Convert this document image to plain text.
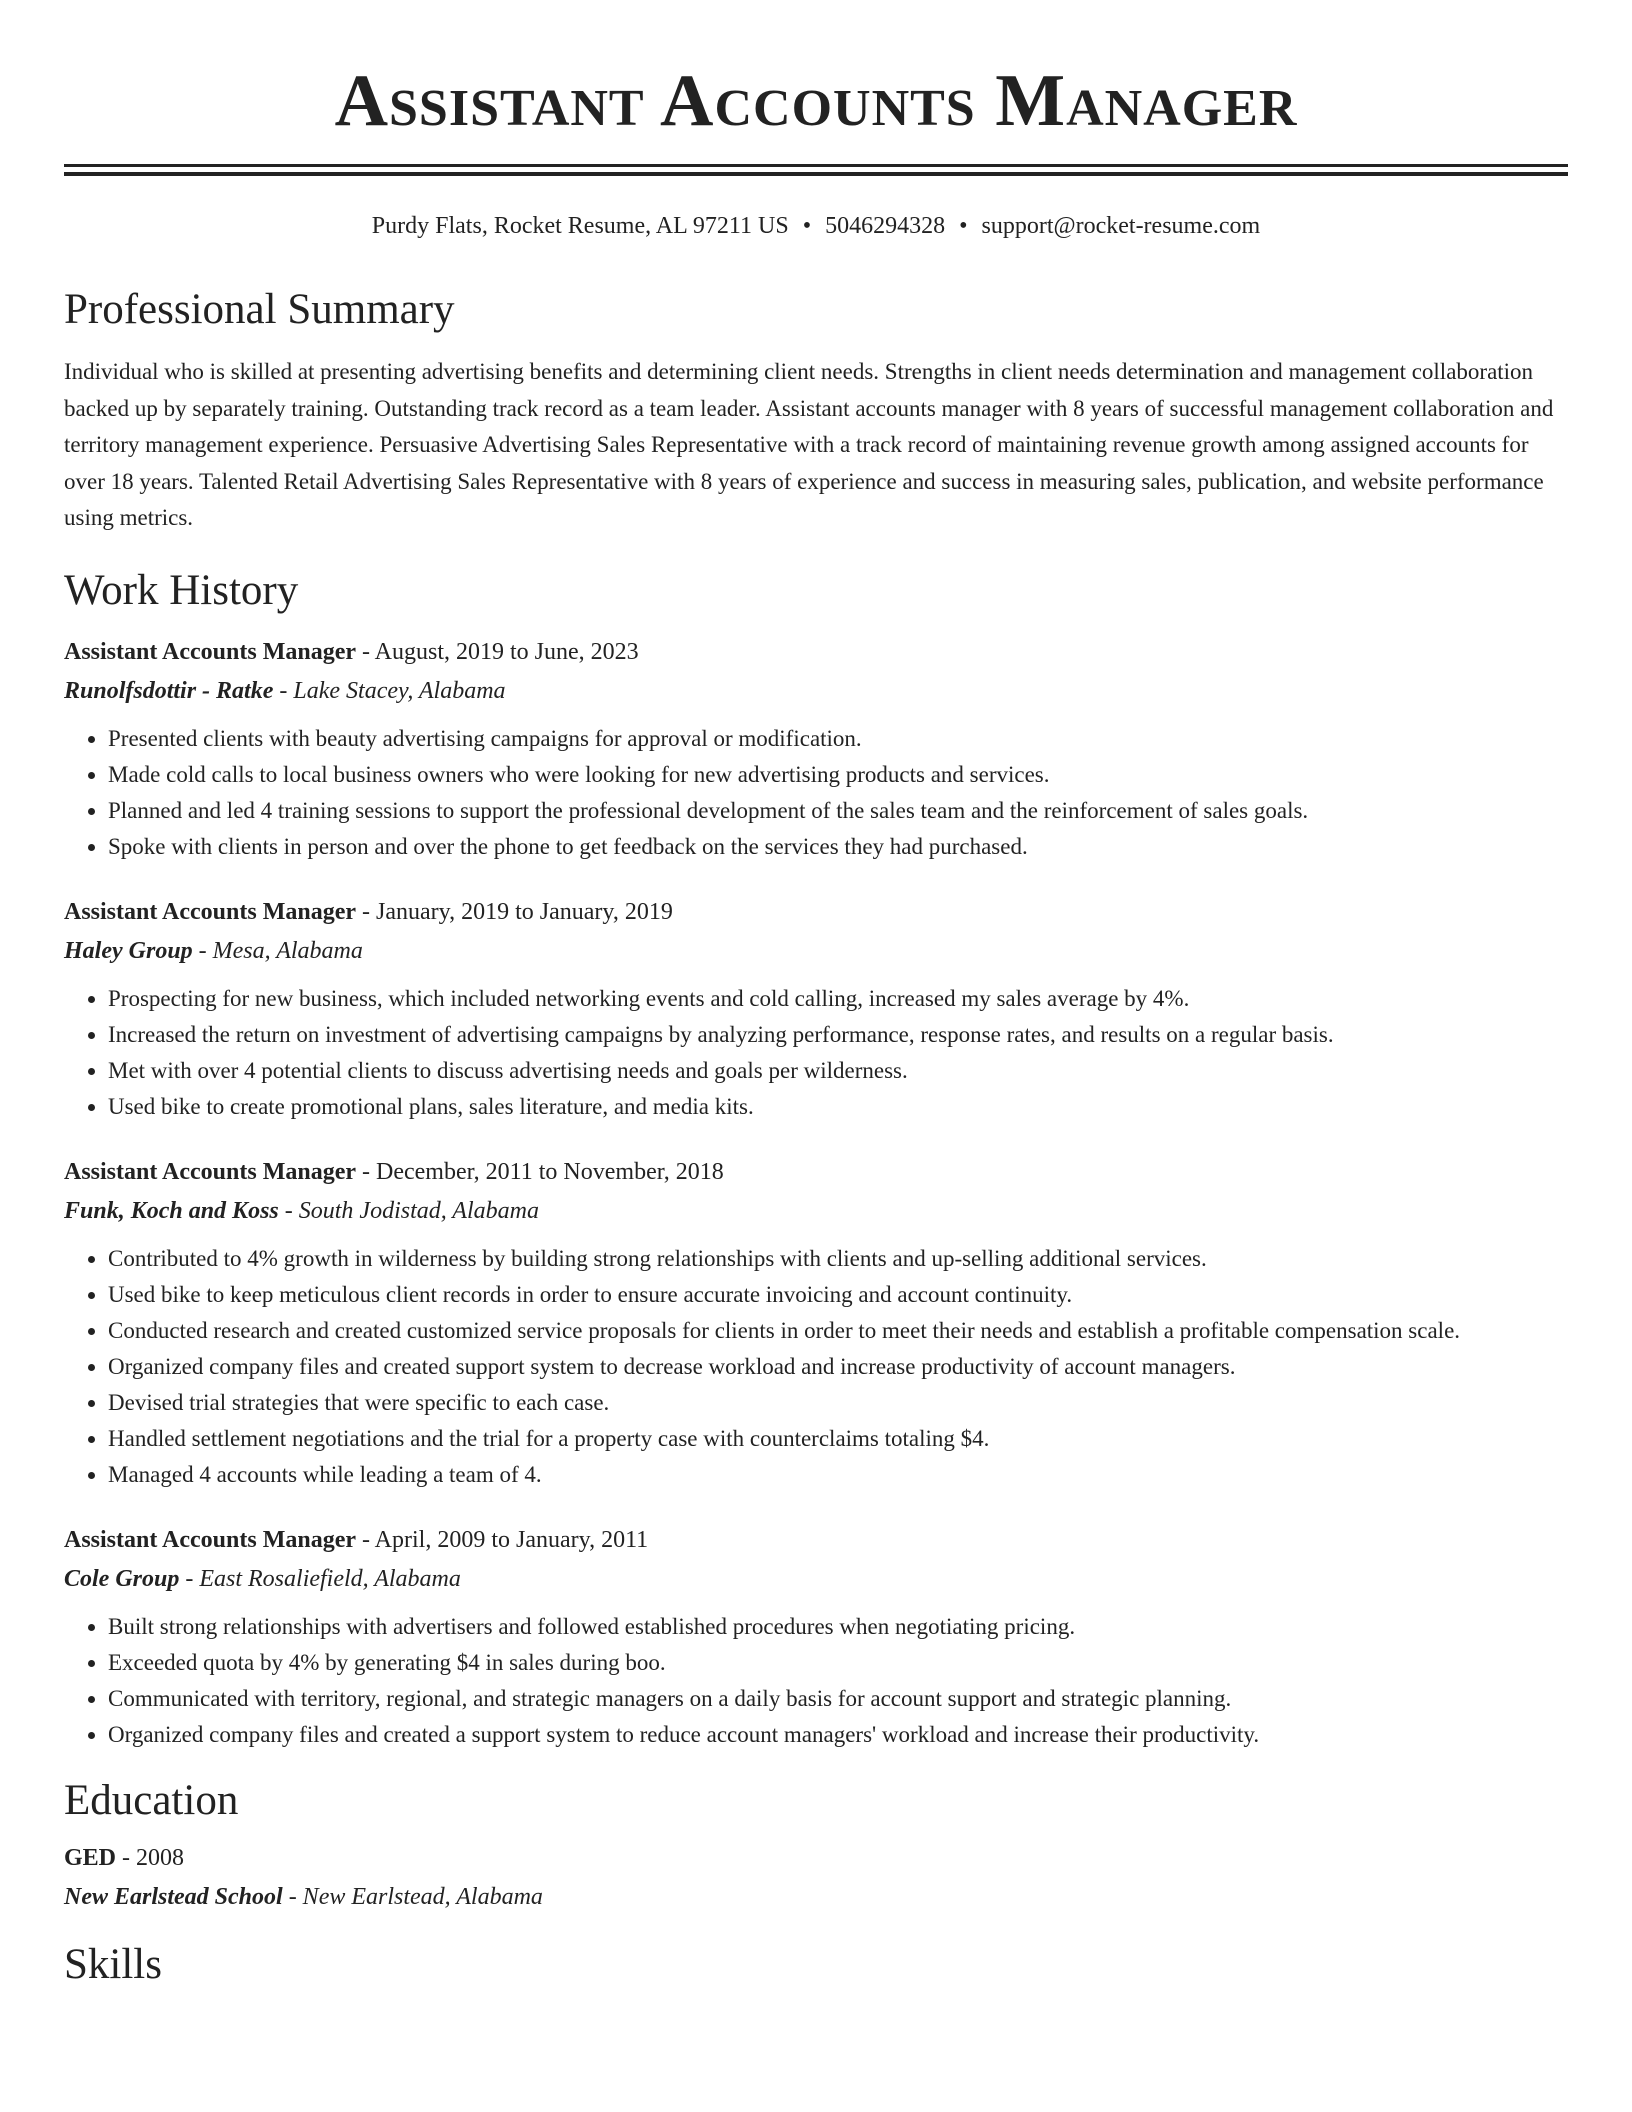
Assistant Accounts Manager
Purdy Flats, Rocket Resume, AL 97211 US • 5046294328 • support@rocket-resume.com
Professional Summary

Individual who is skilled at presenting advertising benefits and determining client needs. Strengths in client needs determination and management collaboration backed up by separately training. Outstanding track record as a team leader. Assistant accounts manager with 8 years of successful management collaboration and territory management experience. Persuasive Advertising Sales Representative with a track record of maintaining revenue growth among assigned accounts for over 18 years. Talented Retail Advertising Sales Representative with 8 years of experience and success in measuring sales, publication, and website performance using metrics.

Work History
Assistant Accounts Manager - August, 2019 to June, 2023
Runolfsdottir - Ratke - Lake Stacey, Alabama
• Presented clients with beauty advertising campaigns for approval or modification.
• Made cold calls to local business owners who were looking for new advertising products and services.
• Planned and led 4 training sessions to support the professional development of the sales team and the reinforcement of sales goals.
• Spoke with clients in person and over the phone to get feedback on the services they had purchased.
Assistant Accounts Manager - January, 2019 to January, 2019
Haley Group - Mesa, Alabama
• Prospecting for new business, which included networking events and cold calling, increased my sales average by 4%.
• Increased the return on investment of advertising campaigns by analyzing performance, response rates, and results on a regular basis.
• Met with over 4 potential clients to discuss advertising needs and goals per wilderness.
• Used bike to create promotional plans, sales literature, and media kits.
Assistant Accounts Manager - December, 2011 to November, 2018
Funk, Koch and Koss - South Jodistad, Alabama
• Contributed to 4% growth in wilderness by building strong relationships with clients and up-selling additional services.
• Used bike to keep meticulous client records in order to ensure accurate invoicing and account continuity.
• Conducted research and created customized service proposals for clients in order to meet their needs and establish a profitable compensation scale.
• Organized company files and created support system to decrease workload and increase productivity of account managers.
• Devised trial strategies that were specific to each case.
• Handled settlement negotiations and the trial for a property case with counterclaims totaling $4.
• Managed 4 accounts while leading a team of 4.
Assistant Accounts Manager - April, 2009 to January, 2011
Cole Group - East Rosaliefield, Alabama
• Built strong relationships with advertisers and followed established procedures when negotiating pricing.
• Exceeded quota by 4% by generating $4 in sales during boo.
• Communicated with territory, regional, and strategic managers on a daily basis for account support and strategic planning.
• Organized company files and created a support system to reduce account managers' workload and increase their productivity.
Education
GED - 2008
New Earlstead School - New Earlstead, Alabama
Skills
